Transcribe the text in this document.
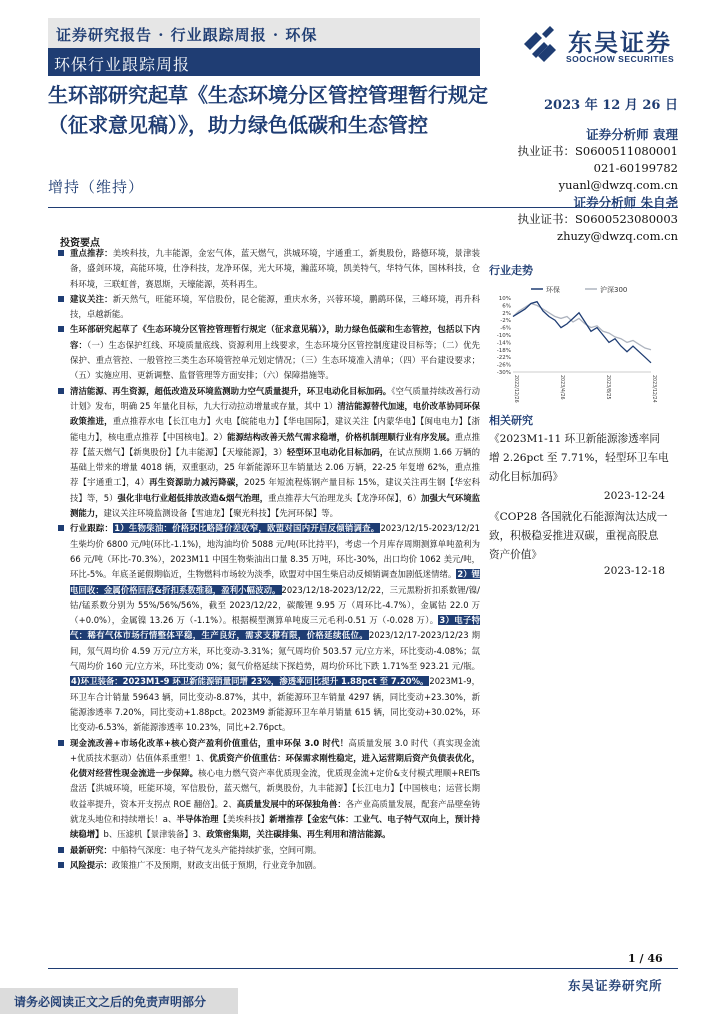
证券研究报告 · 行业跟踪周报 · 环保
环保行业跟踪周报
东吴证券
SOOCHOW SECURITIES
生环部研究起草《生态环境分区管控管理暂行规定（征求意见稿）》，助力绿色低碳和生态管控
增持（维持）
2023 年 12 月 26 日
证券分析师 袁理
执业证书：S0600511080001
021-60199782
yuanl@dwzq.com.cn
证券分析师 朱自尧
执业证书：S0600523080003
zhuzy@dwzq.com.cn
投资要点
重点推荐：美埃科技，九丰能源，金宏气体，蓝天燃气，洪城环境，宇通重工，新奥股份，路德环境，景津装备，盛剑环境，高能环境，仕净科技，龙净环保，光大环境，瀚蓝环境，凯美特气，华特气体，国林科技，仓科环境，三联虹普，赛恩斯，天壕能源，英科再生。
建议关注：新天然气，旺能环境，军信股份，昆仑能源，重庆水务，兴蓉环境，鹏鹞环保，三峰环境，再升科技，卓越新能。
生环部研究起草了《生态环境分区管控管理暂行规定（征求意见稿）》，助力绿色低碳和生态管控，包括以下内容：（一）生态保护红线、环境质量底线、资源利用上线要求，生态环境分区管控制度建设目标等；（二）优先保护、重点管控、一般管控三类生态环境管控单元划定情况；（三）生态环境准入清单；（四）平台建设要求；（五）实施应用、更新调整、监督管理等方面安排；（六）保障措施等。
清洁能源、再生资源，超低改造及环境监测助力空气质量提升，环卫电动化目标加码。《空气质量持续改善行动计划》发布，明确 25 年量化目标，九大行动拉动增量或存量，其中 1）清洁能源替代加速，电价改革协同环保政策推进，重点推荐水电【长江电力】火电【皖能电力】【华电国际】，建议关注【内蒙华电】【闽电电力】【浙能电力】，核电重点推荐【中国核电】。2）能源结构改善天然气需求稳增，价格机制理顺行业有序发展。重点推荐【蓝天燃气】【新奥股份】【九丰能源】【天壕能源】，3）轻型环卫电动化目标加码，在试点预期 1.66 万辆的基础上带来的增量 4018 辆，双重驱动，25 年新能源环卫车销量达 2.06 万辆，22-25 年复增 62%，重点推荐【宇通重工】，4）再生资源助力减污降碳，2025 年短流程炼钢产量目标 15%，建议关注再生钢【华宏科技】等，5）强化非电行业超低排放改造&烟气治理，重点推荐大气治理龙头【龙净环保】，6）加强大气环境监测能力，建议关注环境监测设备【雪迪龙】【聚光科技】【先河环保】等。
行业跟踪：1）生物柴油：价格环比略降价差收窄，欧盟对国内开启反倾销调查。2023/12/15-2023/12/21 生柴均价 6800 元/吨(环比-1.1%)，地沟油均价 5088 元/吨(环比持平)，考虑一个月库存周期测算单吨盈利为 66 元/吨（环比-70.3%），2023M11 中国生物柴油出口量 8.35 万吨，环比-30%，出口均价 1062 美元/吨，环比-5%。年底圣诞假期临近，生物燃料市场较为淡季，欧盟对中国生柴启动反倾销调查加剧低迷情绪。2）锂电回收：金属价格回落&折扣系数维稳，盈利小幅波动。2023/12/18-2023/12/22，三元黑粉折扣系数锂/镍/钴/锰系数分别为 55%/56%/56%，截至 2023/12/22，碳酸锂 9.95 万（周环比-4.7%），金属钴 22.0 万（+0.0%），金属镍 13.26 万（-1.1%）。根据模型测算单吨废三元毛利-0.51 万（-0.028 万）。3）电子特气：稀有气体市场行情整体平稳，生产良好，需求支撑有限，价格延续低位。2023/12/17-2023/12/23 期间，氖气周均价 4.59 万元/立方米，环比变动-3.31%；氪气周均价 503.57 元/立方米，环比变动-4.08%；氙气周均价 160 元/立方米，环比变动 0%；氦气价格延续下探趋势，周均价环比下跌 1.71%至 923.21 元/瓶。4)环卫装备：2023M1-9 环卫新能源销量同增 23%，渗透率同比提升 1.88pct 至 7.20%。2023M1-9，环卫车合计销量 59643 辆，同比变动-8.87%，其中，新能源环卫车销量 4297 辆，同比变动+23.30%，新能源渗透率 7.20%，同比变动+1.88pct。2023M9 新能源环卫车单月销量 615 辆，同比变动+30.02%，环比变动-6.53%，新能源渗透率 10.23%，同比+2.76pct。
现金流改善+市场化改革+核心资产盈利价值重估，重申环保 3.0 时代！高质量发展 3.0 时代（真实现金流+优质技术驱动）估值体系重塑！1、优质资产价值重估：环保需求刚性稳定，进入运营期后资产负债表优化，化债对经营性现金流进一步保障。核心电力燃气资产率优质现金流，优质现金流+定价&支付模式理顺+REITs 盘活【洪城环境，旺能环境，军信股份，蓝天燃气，新奥股份，九丰能源】【长江电力】【中国核电；运营长期收益率提升，资本开支拐点 ROE 翻倍】。2、高质量发展中的环保独角兽：各产业高质量发展，配套产品壁垒铸就龙头地位和持续增长！a、半导体治理【美埃科技】新增推荐【金宏气体：工业气、电子特气双向上，预计持续稳增】b、压滤机【景津装备】3、政策密集期，关注碳排集、再生利用和清洁能源。
最新研究：中船特气深度：电子特气龙头产能持续扩张，空间可期。
风险提示：政策推广不及预期，财政支出低于预期，行业竞争加剧。
行业走势
10%
6%
2%
-2%
-6%
-10%
-14%
-18%
-22%
-26%
-30%
2022/12/26	2023/4/26	2023/8/25	2023/12/24
环保	沪深300
相关研究
《2023M1-11 环卫新能源渗透率同增 2.26pct 至 7.71%，轻型环卫车电动化目标加码》
2023-12-24
《COP28 各国就化石能源淘汰达成一致，积极稳妥推进双碳，重视高股息资产价值》
2023-12-18
1 / 46
东吴证券研究所
请务必阅读正文之后的免责声明部分
